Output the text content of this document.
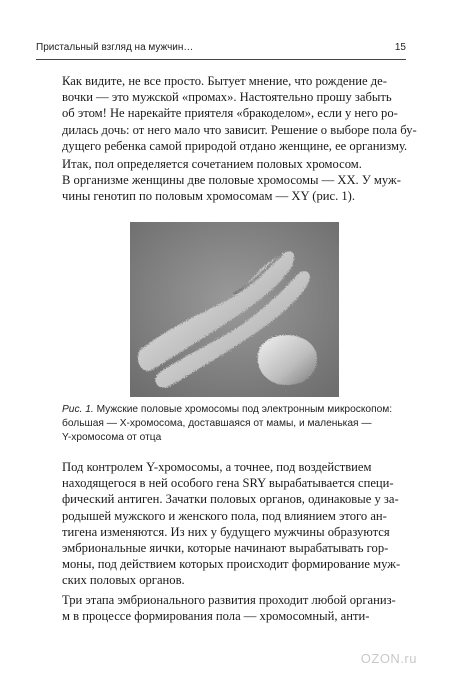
Пристальный взгляд на мужчин…	15

Как видите, не все просто. Бытует мнение, что рождение де-
вочки — это мужской «промах». Настоятельно прошу забыть
об этом! Не нарекайте приятеля «бракоделом», если у него ро-
дилась дочь: от него мало что зависит. Решение о выборе пола бу-
дущего ребенка самой природой отдано женщине, ее организму.

Итак, пол определяется сочетанием половых хромосом.
В организме женщины две половые хромосомы — XX. У муж-
чины генотип по половым хромосомам — XY (рис. 1).

Рис. 1. Мужские половые хромосомы под электронным микроскопом:
большая — X-хромосома, доставшаяся от мамы, и маленькая —
Y-хромосома от отца

Под контролем Y-хромосомы, а точнее, под воздействием
находящегося в ней особого гена SRY вырабатывается специ-
фический антиген. Зачатки половых органов, одинаковые у за-
родышей мужского и женского пола, под влиянием этого ан-
тигена изменяются. Из них у будущего мужчины образуются
эмбриональные яички, которые начинают вырабатывать гор-
моны, под действием которых происходит формирование муж-
ских половых органов.

Три этапа эмбрионального развития проходит любой организ-
м в процессе формирования пола — хромосомный, анти-

OZON.ru
